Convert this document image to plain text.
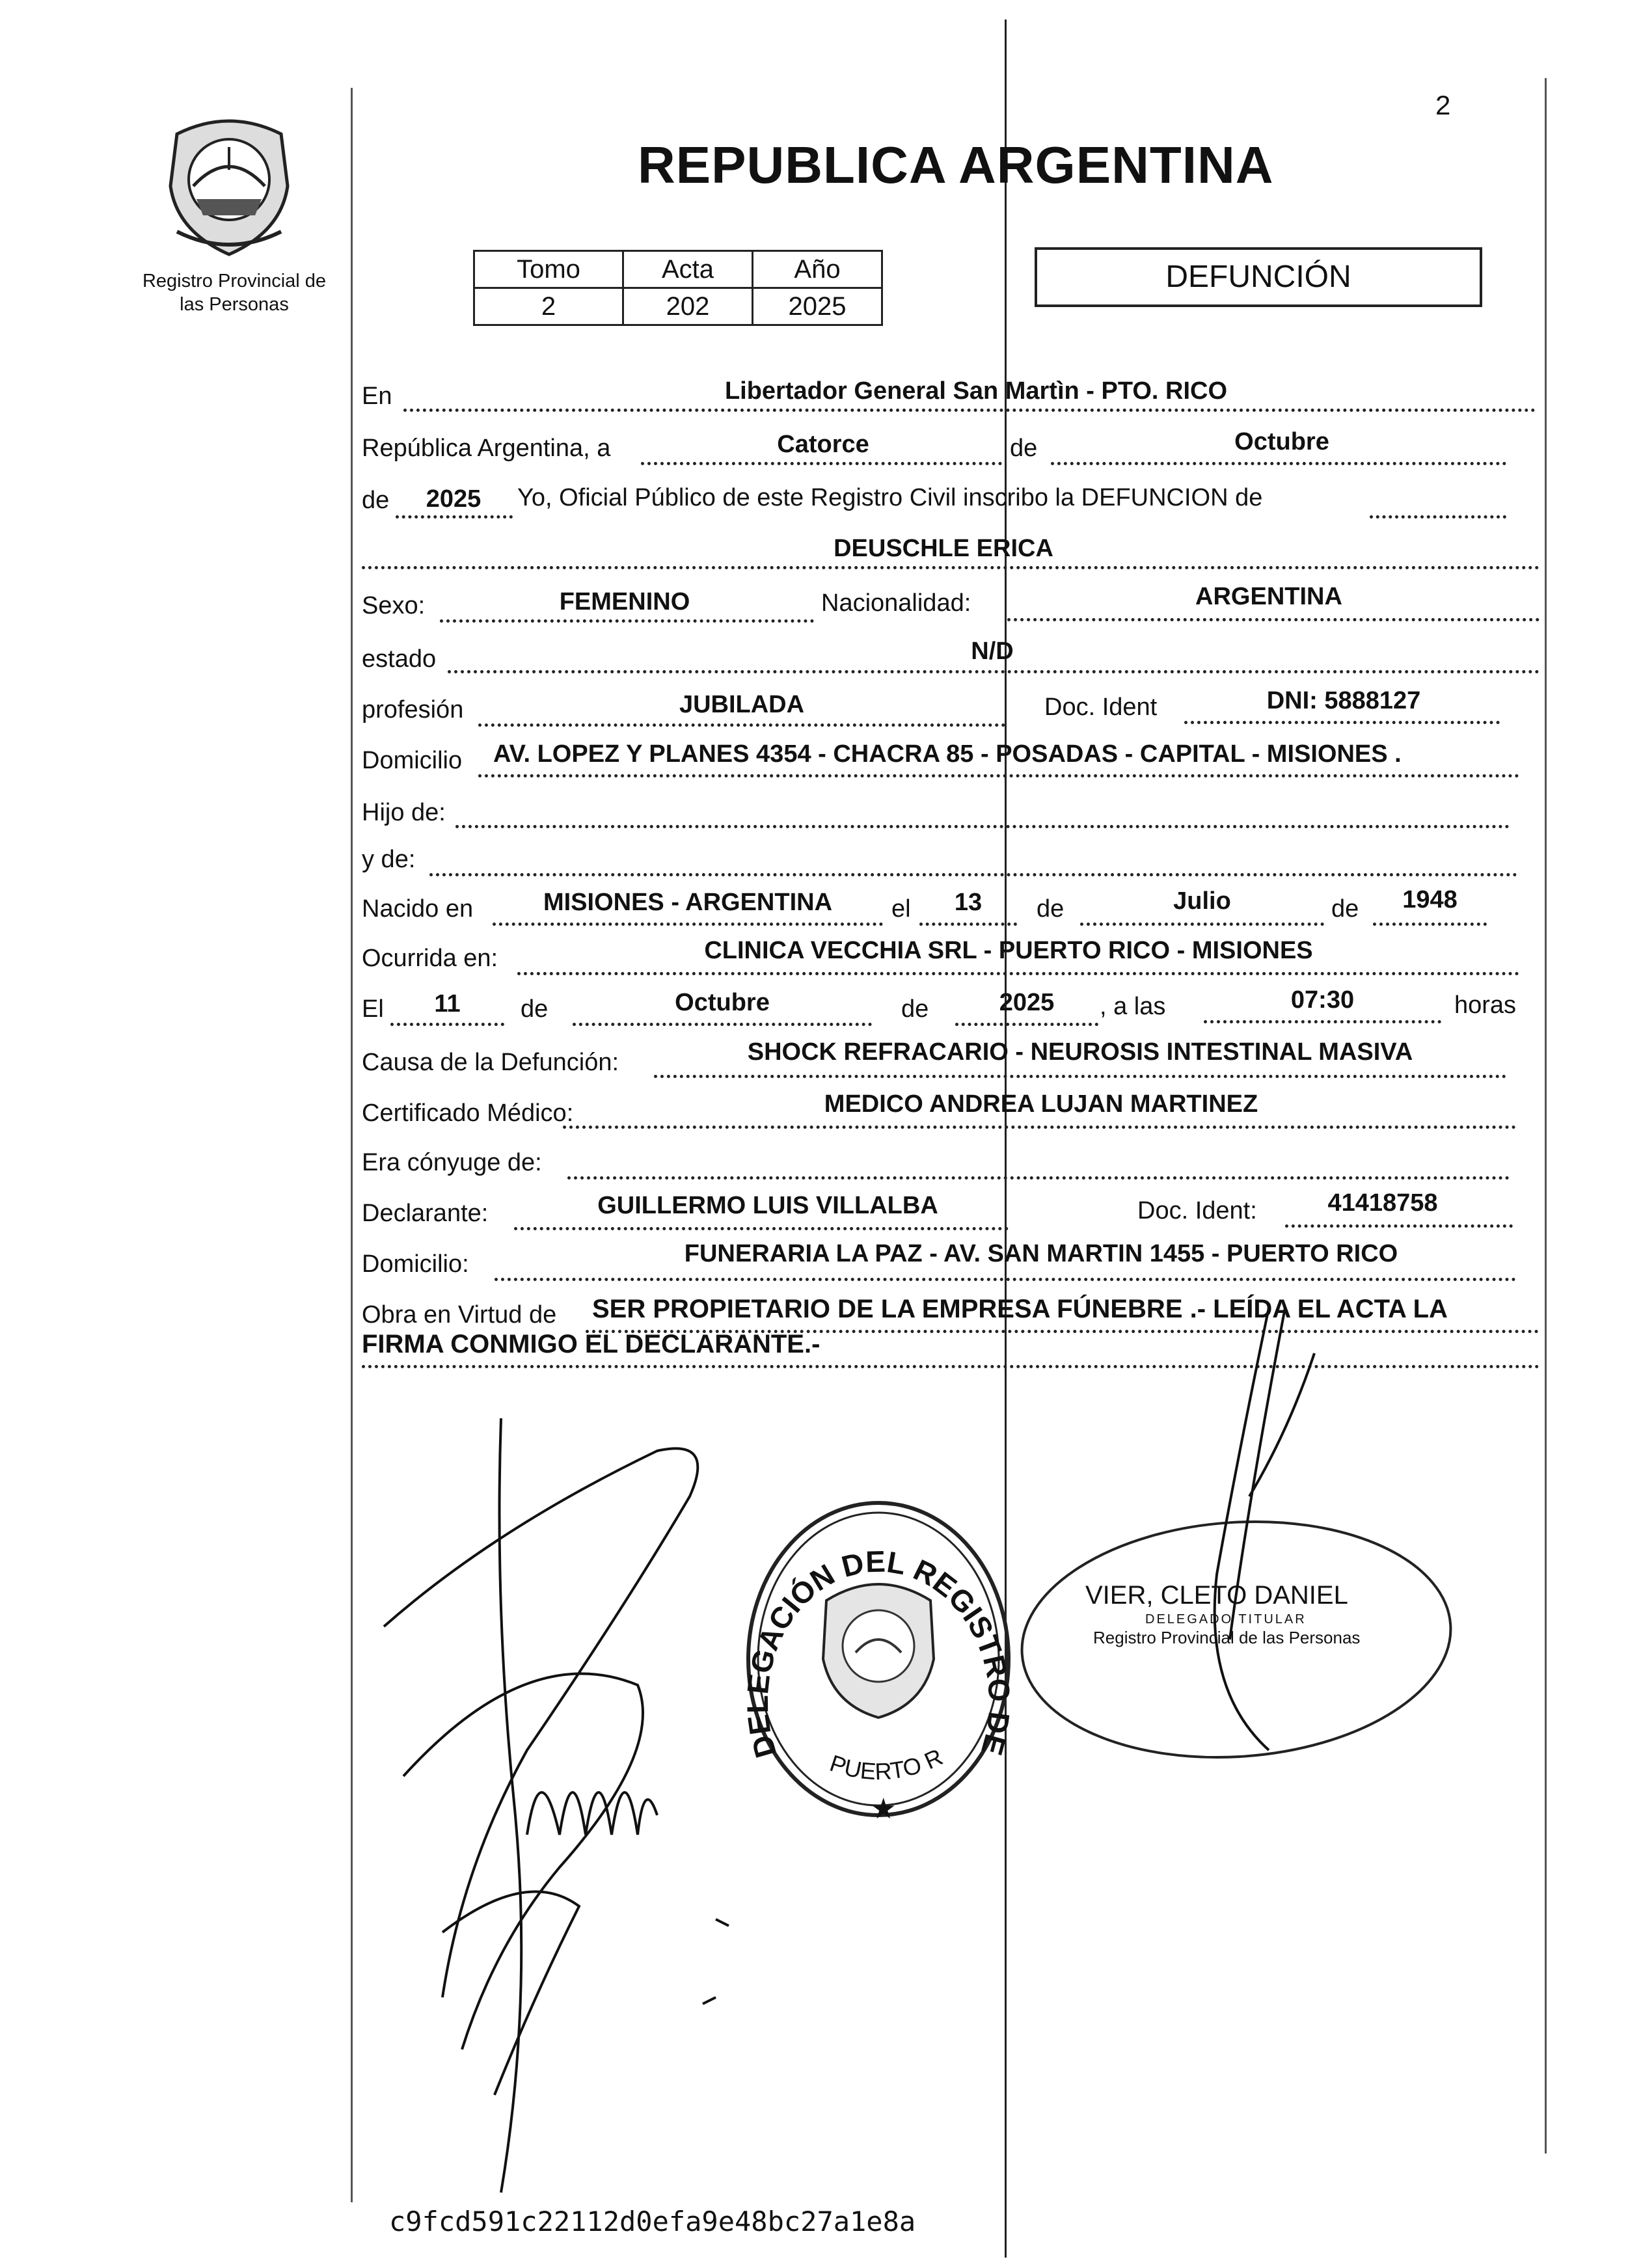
Registro Provincial de las Personas
2
REPUBLICA ARGENTINA
Tomo	Acta	Año
2	202	2025
DEFUNCIÓN
En	Libertador General San Martìn - PTO. RICO
República Argentina, a	Catorce	de	Octubre
de	2025	Yo, Oficial Público de este Registro Civil inscribo la DEFUNCION de
DEUSCHLE ERICA
Sexo:	FEMENINO	Nacionalidad:	ARGENTINA
estado	N/D
profesión	JUBILADA	Doc. Ident	DNI: 5888127
Domicilio AV. LOPEZ Y PLANES 4354 - CHACRA 85 - POSADAS - CAPITAL - MISIONES .
Hijo de:
y de:
Nacido en	MISIONES - ARGENTINA	el	13	de	Julio	de	1948
Ocurrida en:	CLINICA VECCHIA SRL - PUERTO RICO - MISIONES
El	11	de	Octubre	de	2025	, a las	07:30	horas
Causa de la Defunción:	SHOCK REFRACARIO - NEUROSIS INTESTINAL MASIVA
Certificado Médico:	MEDICO ANDREA LUJAN MARTINEZ
Era cónyuge de:
Declarante:	GUILLERMO LUIS VILLALBA	Doc. Ident:	41418758
Domicilio:	FUNERARIA LA PAZ - AV. SAN MARTIN 1455 - PUERTO RICO
Obra en Virtud de SER PROPIETARIO DE LA EMPRESA FÚNEBRE .- LEÍDA EL ACTA LA
FIRMA CONMIGO EL DECLARANTE.-
DELEGACIÓN DEL REGISTRO DE
PUERTO R
★
VIER, CLETO DANIEL
DELEGADO TITULAR
Registro Provincial de las Personas
c9fcd591c22112d0efa9e48bc27a1e8a
